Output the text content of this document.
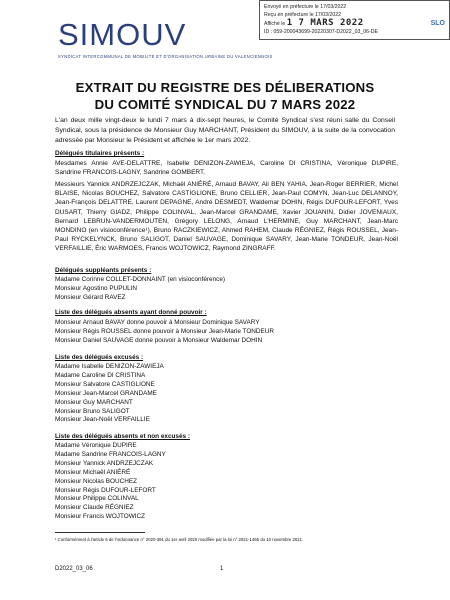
SIMOUV
SYNDICAT INTERCOMMUNAL DE MOBILITÉ ET D'ORGANISATION URBAINE DU VALENCIENNOIS
Envoyé en préfecture le 17/03/2022
Reçu en préfecture le 17/03/2022
Affiché le 1 7 MARS 2022	SLO
ID : 059-200043699-20220307-D2022_03_06-DE
EXTRAIT DU REGISTRE DES DÉLIBERATIONS
DU COMITÉ SYNDICAL DU 7 MARS 2022
L'an deux mille vingt-deux le lundi 7 mars à dix-sept heures, le Comité Syndical s'est réuni salle du Conseil Syndical, sous la présidence de Monsieur Guy MARCHANT, Président du SIMOUV, à la suite de la convocation adressée par Monsieur le Président et affichée le 1er mars 2022.
Délégués titulaires présents :
Mesdames Annie AVE-DELATTRE, Isabelle DENIZON-ZAWIEJA, Caroline DI CRISTINA, Véronique DUPIRE, Sandrine FRANCOIS-LAGNY, Sandrine GOMBERT.
Messieurs Yannick ANDRZEJCZAK, Michaël ANIÉRÉ, Arnaud BAVAY, Ali BEN YAHIA, Jean-Roger BERRIER, Michel BLAISE, Nicolas BOUCHEZ, Salvatore CASTIGLIONE, Bruno CELLIER, Jean-Paul COMYN, Jean-Luc DELANNOY, Jean-François DELATTRE, Laurent DEPAGNE, André DESMEDT, Waldemar DOHIN, Régis DUFOUR-LEFORT, Yves DUSART, Thierry GIADZ, Philippe COLINVAL, Jean-Marcel GRANDAME, Xavier JOUANIN, Didier JOVENIAUX, Bernard LEBRUN-VANDERMOUTEN, Grégory LELONG, Arnaud L'HERMINE, Guy MARCHANT, Jean-Marc MONDINO (en visioconférence¹), Bruno RACZKIEWICZ, Ahmed RAHEM, Claude RÉGNIEZ, Régis ROUSSEL, Jean-Paul RYCKELYNCK, Bruno SALIGOT, Daniel SAUVAGE, Dominique SAVARY, Jean-Marie TONDEUR, Jean-Noël VERFAILLIE, Éric WARMOES, Francis WOJTOWICZ, Raymond ZINGRAFF.
Délégués suppléants présents :
Madame Corinne COLLET-DONNAINT (en visioconférence)
Monsieur Agostino PUPULIN
Monsieur Gérard RAVEZ
Liste des délégués absents ayant donné pouvoir :
Monsieur Arnaud BAVAY donne pouvoir à Monsieur Dominique SAVARY
Monsieur Régis ROUSSEL donne pouvoir à Monsieur Jean-Marie TONDEUR
Monsieur Daniel SAUVAGE donne pouvoir à Monsieur Waldemar DOHIN
Liste des délégués excusés :
Madame Isabelle DENIZON-ZAWIEJA
Madame Caroline DI CRISTINA
Monsieur Salvatore CASTIGLIONE
Monsieur Jean-Marcel GRANDAME
Monsieur Guy MARCHANT
Monsieur Bruno SALIGOT
Monsieur Jean-Noël VERFAILLIE
Liste des délégués absents et non excusés :
Madame Véronique DUPIRE
Madame Sandrine FRANCOIS-LAGNY
Monsieur Yannick ANDRZEJCZAK
Monsieur Michaël ANIÉRÉ
Monsieur Nicolas BOUCHEZ
Monsieur Régis DUFOUR-LEFORT
Monsieur Philippe COLINVAL
Monsieur Claude RÉGNIEZ
Monsieur Francis WOJTOWICZ
¹ Conformément à l'article 6 de l'ordonnance n° 2020-391 du 1er avril 2020 modifiée par la loi n° 2021-1465 du 10 novembre 2021.
D2022_03_06	1
